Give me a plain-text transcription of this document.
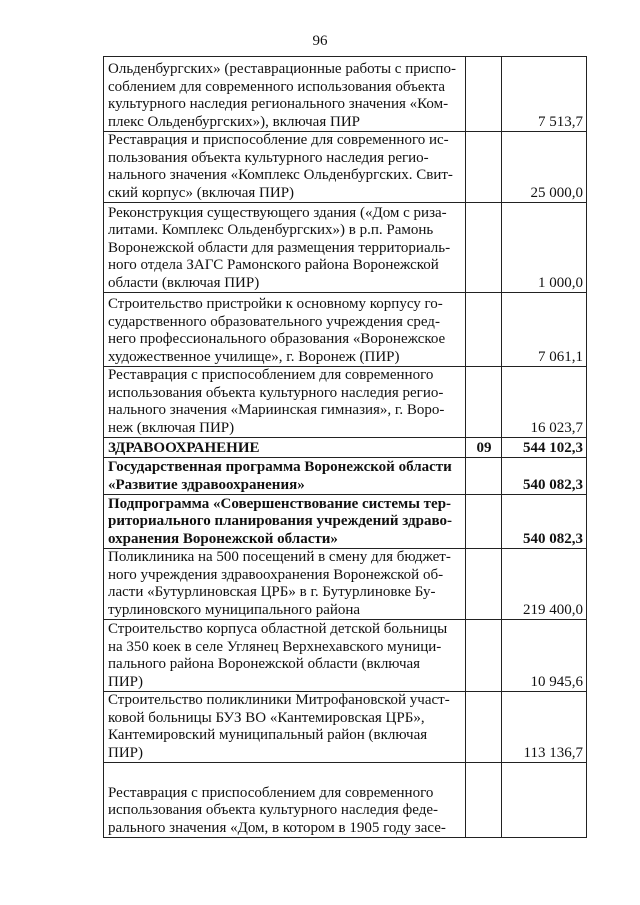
96
Ольденбургских» (реставрационные работы с приспо-
соблением для современного использования объекта
культурного наследия регионального значения «Ком-
плекс Ольденбургских»), включая ПИР		7 513,7
Реставрация и приспособление для современного ис-
пользования объекта культурного наследия регио-
нального значения «Комплекс Ольденбургских. Свит-
ский корпус» (включая ПИР)		25 000,0
Реконструкция существующего здания («Дом с риза-
литами. Комплекс Ольденбургских») в р.п. Рамонь
Воронежской области для размещения территориаль-
ного отдела ЗАГС Рамонского района Воронежской
области (включая ПИР)		1 000,0
Строительство пристройки к основному корпусу го-
сударственного образовательного учреждения сред-
него профессионального образования «Воронежское
художественное училище», г. Воронеж (ПИР)		7 061,1
Реставрация с приспособлением для современного
использования объекта культурного наследия регио-
нального значения «Мариинская гимназия», г. Воро-
неж (включая ПИР)		16 023,7
ЗДРАВООХРАНЕНИЕ	09	544 102,3
Государственная программа Воронежской области
«Развитие здравоохранения»		540 082,3
Подпрограмма «Совершенствование системы тер-
риториального планирования учреждений здраво-
охранения Воронежской области»		540 082,3
Поликлиника на 500 посещений в смену для бюджет-
ного учреждения здравоохранения Воронежской об-
ласти «Бутурлиновская ЦРБ» в г. Бутурлиновке Бу-
турлиновского муниципального района		219 400,0
Строительство корпуса областной детской больницы
на 350 коек в селе Углянец Верхнехавского муници-
пального района Воронежской области (включая
ПИР)		10 945,6
Строительство поликлиники Митрофановской участ-
ковой больницы БУЗ ВО «Кантемировская ЦРБ»,
Кантемировский муниципальный район (включая
ПИР)		113 136,7
Реставрация с приспособлением для современного
использования объекта культурного наследия феде-
рального значения «Дом, в котором в 1905 году засе-		
